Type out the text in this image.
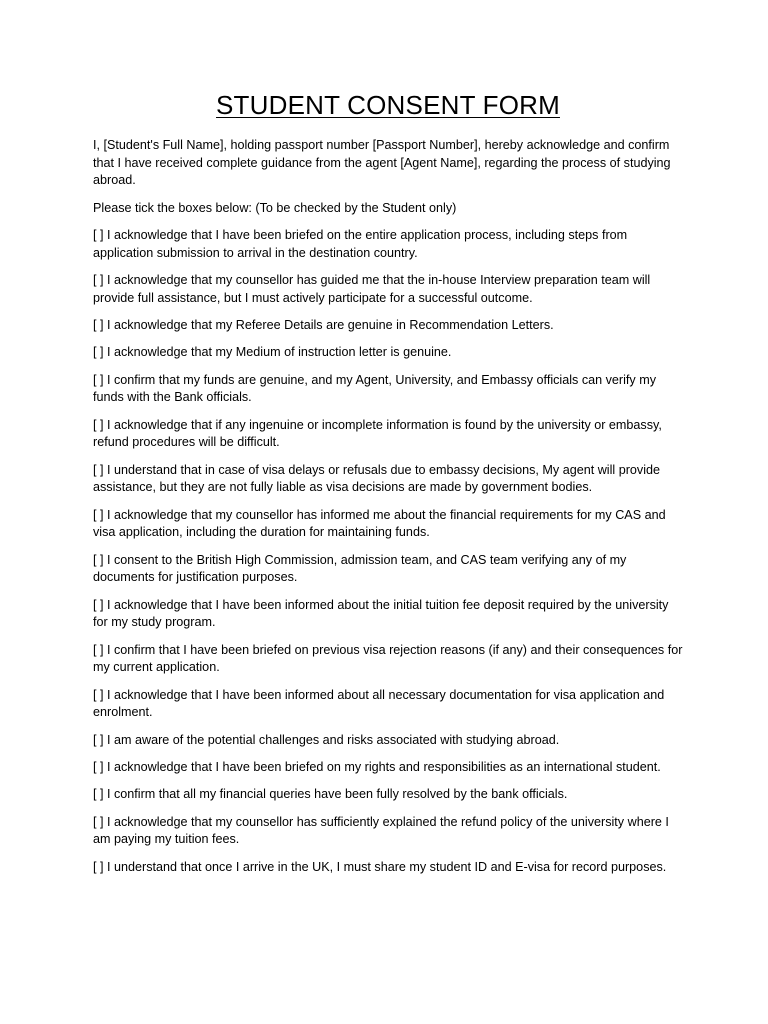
STUDENT CONSENT FORM

I, [Student's Full Name], holding passport number [Passport Number], hereby acknowledge and confirm that I have received complete guidance from the agent [Agent Name], regarding the process of studying abroad.

Please tick the boxes below: (To be checked by the Student only)

[ ] I acknowledge that I have been briefed on the entire application process, including steps from application submission to arrival in the destination country.

[ ] I acknowledge that my counsellor has guided me that the in-house Interview preparation team will provide full assistance, but I must actively participate for a successful outcome.

[ ] I acknowledge that my Referee Details are genuine in Recommendation Letters.

[ ] I acknowledge that my Medium of instruction letter is genuine.

[ ] I confirm that my funds are genuine, and my Agent, University, and Embassy officials can verify my funds with the Bank officials.

[ ] I acknowledge that if any ingenuine or incomplete information is found by the university or embassy, refund procedures will be difficult.

[ ] I understand that in case of visa delays or refusals due to embassy decisions, My agent will provide assistance, but they are not fully liable as visa decisions are made by government bodies.

[ ] I acknowledge that my counsellor has informed me about the financial requirements for my CAS and visa application, including the duration for maintaining funds.

[ ] I consent to the British High Commission, admission team, and CAS team verifying any of my documents for justification purposes.

[ ] I acknowledge that I have been informed about the initial tuition fee deposit required by the university for my study program.

[ ] I confirm that I have been briefed on previous visa rejection reasons (if any) and their consequences for my current application.

[ ] I acknowledge that I have been informed about all necessary documentation for visa application and enrolment.

[ ] I am aware of the potential challenges and risks associated with studying abroad.

[ ] I acknowledge that I have been briefed on my rights and responsibilities as an international student.

[ ] I confirm that all my financial queries have been fully resolved by the bank officials.

[ ] I acknowledge that my counsellor has sufficiently explained the refund policy of the university where I am paying my tuition fees.

[ ] I understand that once I arrive in the UK, I must share my student ID and E-visa for record purposes.
